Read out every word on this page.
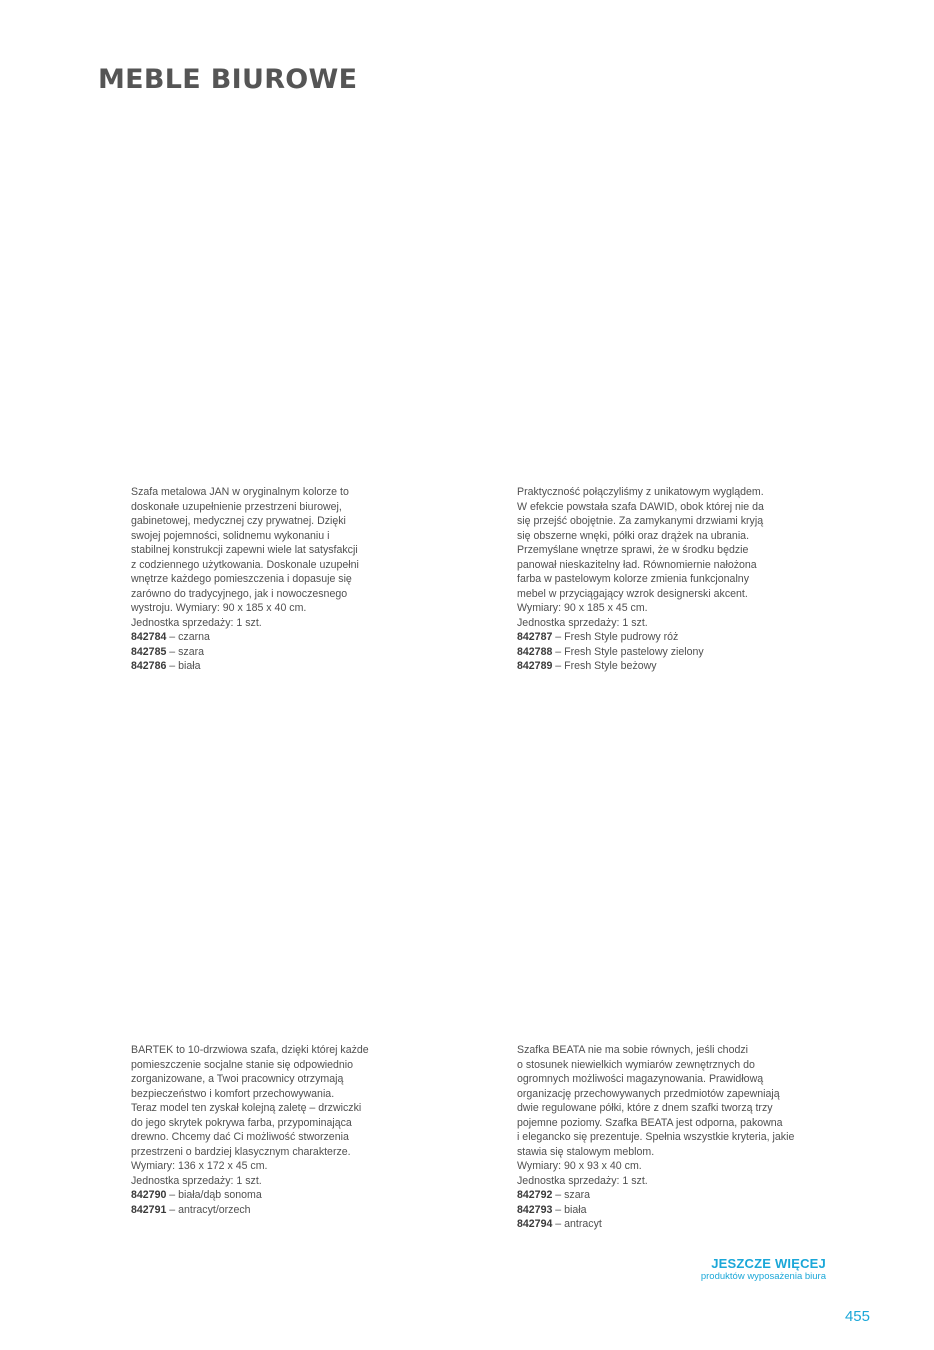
MEBLE BIUROWE
Szafa metalowa JAN w oryginalnym kolorze to
doskonałe uzupełnienie przestrzeni biurowej,
gabinetowej, medycznej czy prywatnej. Dzięki
swojej pojemności, solidnemu wykonaniu i
stabilnej konstrukcji zapewni wiele lat satysfakcji
z codziennego użytkowania. Doskonale uzupełni
wnętrze każdego pomieszczenia i dopasuje się
zarówno do tradycyjnego, jak i nowoczesnego
wystroju. Wymiary: 90 x 185 x 40 cm.
Jednostka sprzedaży: 1 szt.
842784 – czarna
842785 – szara
842786 – biała
Praktyczność połączyliśmy z unikatowym wyglądem.
W efekcie powstała szafa DAWID, obok której nie da
się przejść obojętnie. Za zamykanymi drzwiami kryją
się obszerne wnęki, półki oraz drążek na ubrania.
Przemyślane wnętrze sprawi, że w środku będzie
panował nieskazitelny ład. Równomiernie nałożona
farba w pastelowym kolorze zmienia funkcjonalny
mebel w przyciągający wzrok designerski akcent.
Wymiary: 90 x 185 x 45 cm.
Jednostka sprzedaży: 1 szt.
842787 – Fresh Style pudrowy róż
842788 – Fresh Style pastelowy zielony
842789 – Fresh Style beżowy
BARTEK to 10-drzwiowa szafa, dzięki której każde
pomieszczenie socjalne stanie się odpowiednio
zorganizowane, a Twoi pracownicy otrzymają
bezpieczeństwo i komfort przechowywania.
Teraz model ten zyskał kolejną zaletę – drzwiczki
do jego skrytek pokrywa farba, przypominająca
drewno. Chcemy dać Ci możliwość stworzenia
przestrzeni o bardziej klasycznym charakterze.
Wymiary: 136 x 172 x 45 cm.
Jednostka sprzedaży: 1 szt.
842790 – biała/dąb sonoma
842791 – antracyt/orzech
Szafka BEATA nie ma sobie równych, jeśli chodzi
o stosunek niewielkich wymiarów zewnętrznych do
ogromnych możliwości magazynowania. Prawidłową
organizację przechowywanych przedmiotów zapewniają
dwie regulowane półki, które z dnem szafki tworzą trzy
pojemne poziomy. Szafka BEATA jest odporna, pakowna
i elegancko się prezentuje. Spełnia wszystkie kryteria, jakie
stawia się stalowym meblom.
Wymiary: 90 x 93 x 40 cm.
Jednostka sprzedaży: 1 szt.
842792 – szara
842793 – biała
842794 – antracyt
JESZCZE WIĘCEJ
produktów wyposażenia biura
455
